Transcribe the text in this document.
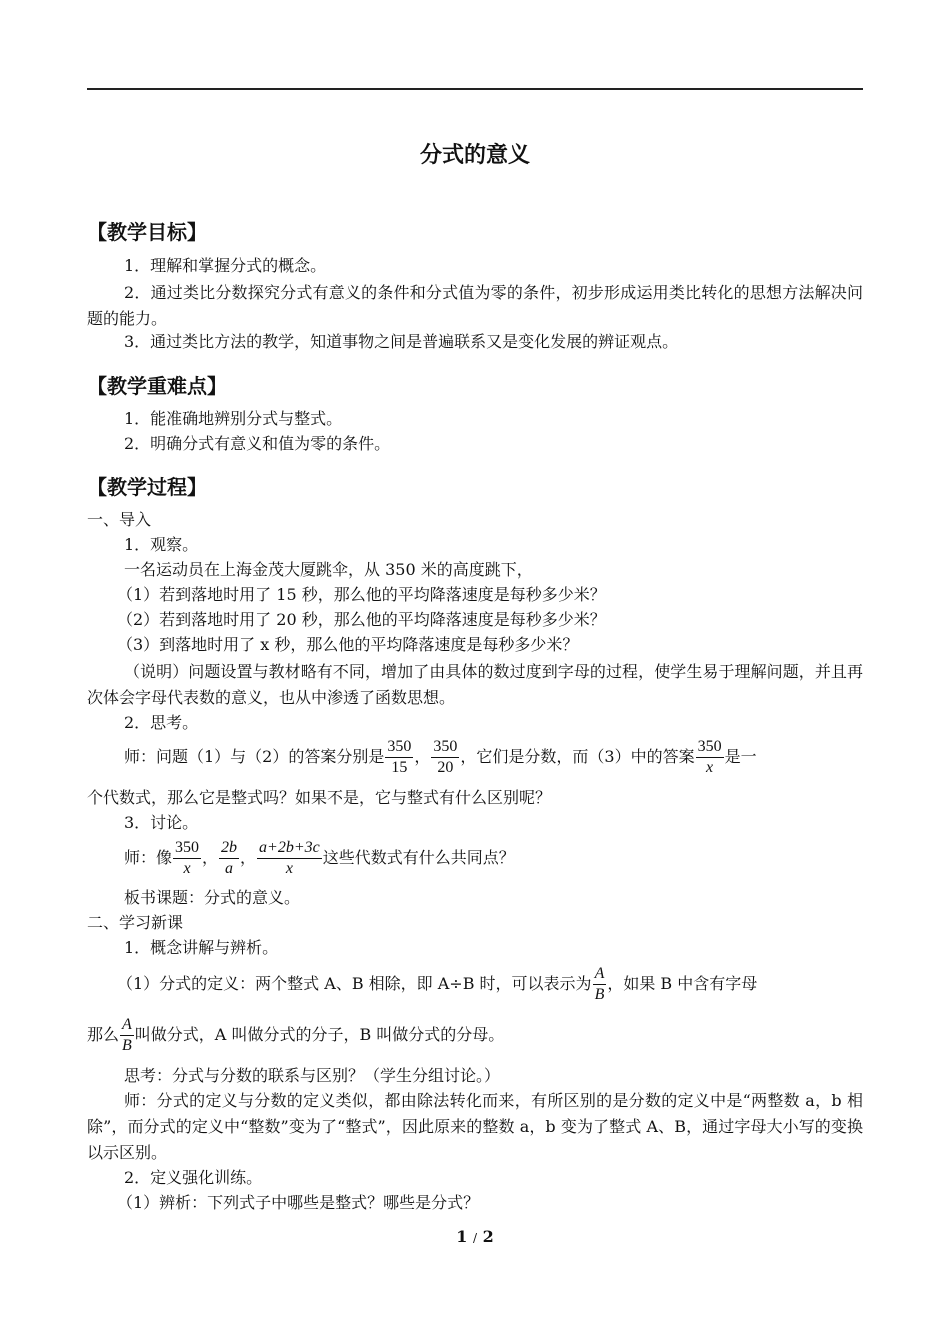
分式的意义
【教学目标】
1．理解和掌握分式的概念。
2．通过类比分数探究分式有意义的条件和分式值为零的条件，初步形成运用类比转化的思想方法解决问题的能力。
3．通过类比方法的教学，知道事物之间是普遍联系又是变化发展的辨证观点。
【教学重难点】
1．能准确地辨别分式与整式。
2．明确分式有意义和值为零的条件。
【教学过程】
一、导入
1．观察。
一名运动员在上海金茂大厦跳伞，从 350 米的高度跳下，
（1）若到落地时用了 15 秒，那么他的平均降落速度是每秒多少米？
（2）若到落地时用了 20 秒，那么他的平均降落速度是每秒多少米？
（3）到落地时用了 x 秒，那么他的平均降落速度是每秒多少米？
（说明）问题设置与教材略有不同，增加了由具体的数过度到字母的过程，使学生易于理解问题，并且再次体会字母代表数的意义，也从中渗透了函数思想。
2．思考。
师：问题（1）与（2）的答案分别是 $\frac{350}{15}$ ， $\frac{350}{20}$ ，它们是分数，而（3）中的答案 $\frac{350}{x}$ 是一
个代数式，那么它是整式吗？如果不是，它与整式有什么区别呢？
3．讨论。
师：像 $\frac{350}{x}$ ， $\frac{2b}{a}$ ， $\frac{a+2b+3c}{x}$ 这些代数式有什么共同点？
板书课题：分式的意义。
二、学习新课
1．概念讲解与辨析。
（1）分式的定义：两个整式 A、B 相除，即 A÷B 时，可以表示为 $\frac{A}{B}$ ，如果 B 中含有字母
那么 $\frac{A}{B}$ 叫做分式，A 叫做分式的分子，B 叫做分式的分母。
思考：分式与分数的联系与区别？（学生分组讨论。）
师：分式的定义与分数的定义类似，都由除法转化而来，有所区别的是分数的定义中是“两整数 a，b 相除”，而分式的定义中“整数”变为了“整式”，因此原来的整数 a，b 变为了整式 A、B，通过字母大小写的变换以示区别。
2．定义强化训练。
（1）辨析：下列式子中哪些是整式？哪些是分式？
1 / 2
